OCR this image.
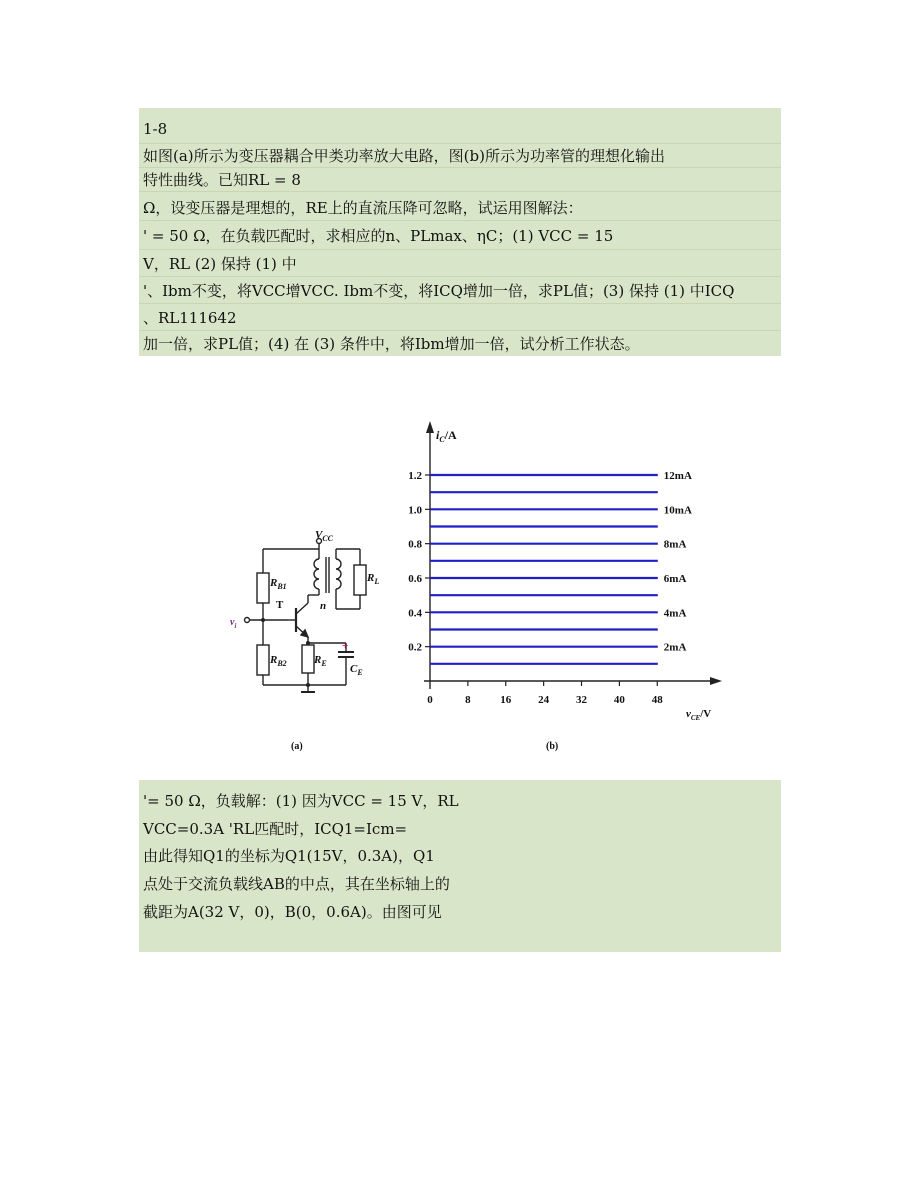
1-8
如图(a)所示为变压器耦合甲类功率放大电路，图(b)所示为功率管的理想化输出
特性曲线。已知RL = 8
Ω，设变压器是理想的，RE上的直流压降可忽略，试运用图解法：
' = 50 Ω，在负载匹配时，求相应的n、PLmax、ηC；(1) VCC = 15
V，RL (2) 保持 (1) 中
'、Ibm不变，将VCC增VCC. Ibm不变，将ICQ增加一倍，求PL值；(3) 保持 (1) 中ICQ
、RL111642
加一倍，求PL值；(4) 在 (3) 条件中，将Ibm增加一倍，试分析工作状态。
$V_{CC}$
$R_{B1}$
$R_{B2}$ $R_E$
$R_L$
$C_E$
T	n
$v_i$
+
(a)
0.2
0.4
0.6
0.8
1.0
1.2
0	8	16 24 32 40 48
2mA
4mA
6mA
8mA
10mA
12mA
$i_C/A$
$v_{CE}/V$
(b)
'= 50 Ω，负载解：(1) 因为VCC = 15 V，RL
VCC=0.3A 'RL匹配时，ICQ1=Icm=
由此得知Q1的坐标为Q1(15V，0.3A)，Q1
点处于交流负载线AB的中点，其在坐标轴上的
截距为A(32 V，0)，B(0，0.6A)。由图可见
